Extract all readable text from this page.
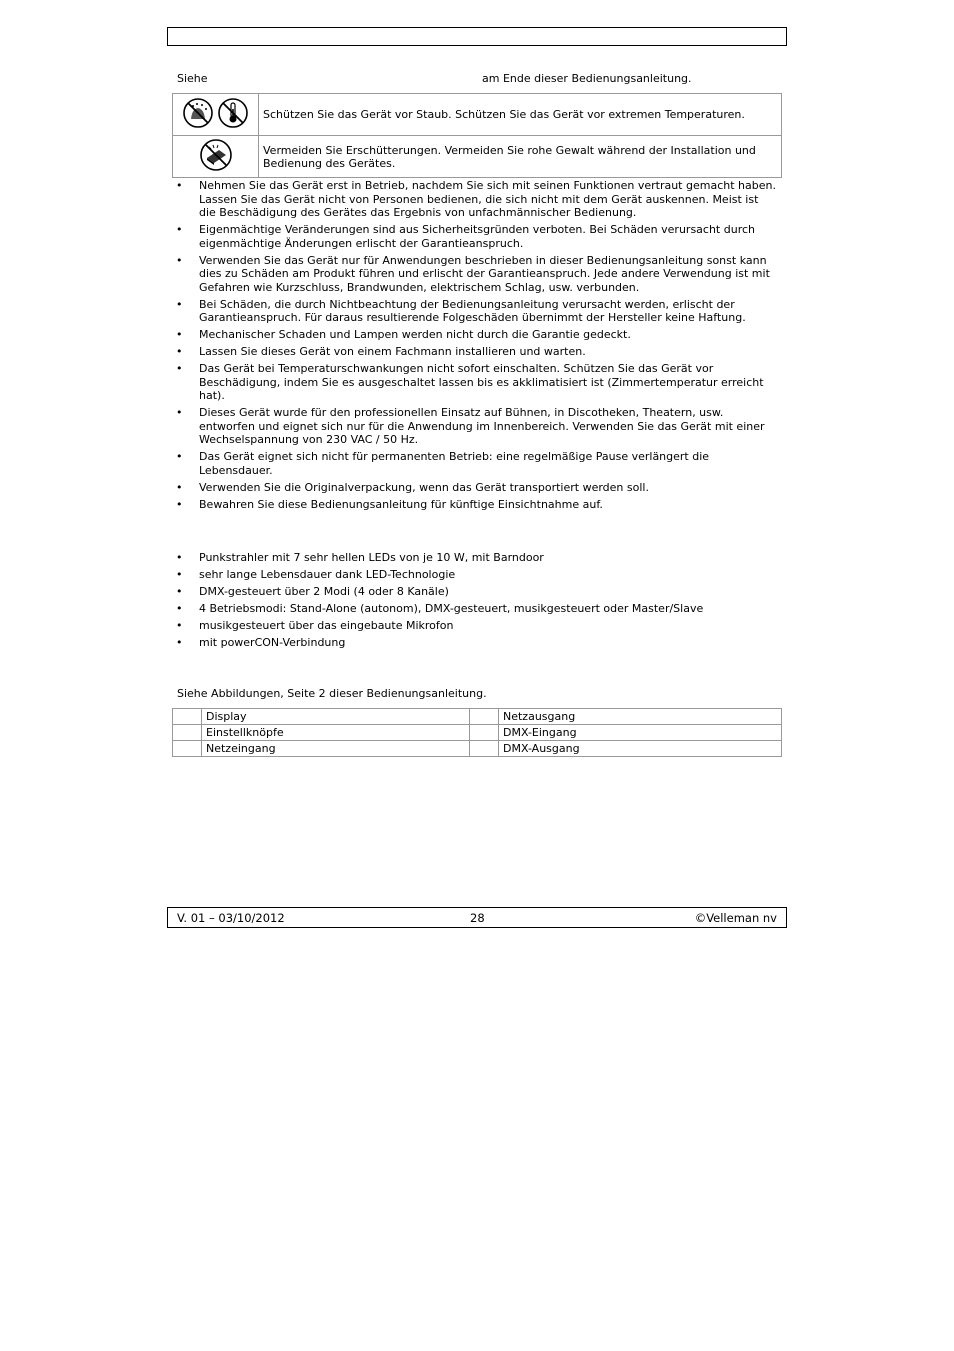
Siehe	am Ende dieser Bedienungsanleitung.
	Schützen Sie das Gerät vor Staub. Schützen Sie das Gerät vor extremen Temperaturen.
	Vermeiden Sie Erschütterungen. Vermeiden Sie rohe Gewalt während der Installation und Bedienung des Gerätes.
• Nehmen Sie das Gerät erst in Betrieb, nachdem Sie sich mit seinen Funktionen vertraut gemacht haben. Lassen Sie das Gerät nicht von Personen bedienen, die sich nicht mit dem Gerät auskennen. Meist ist die Beschädigung des Gerätes das Ergebnis von unfachmännischer Bedienung.
• Eigenmächtige Veränderungen sind aus Sicherheitsgründen verboten. Bei Schäden verursacht durch eigenmächtige Änderungen erlischt der Garantieanspruch.
• Verwenden Sie das Gerät nur für Anwendungen beschrieben in dieser Bedienungsanleitung sonst kann dies zu Schäden am Produkt führen und erlischt der Garantieanspruch. Jede andere Verwendung ist mit Gefahren wie Kurzschluss, Brandwunden, elektrischem Schlag, usw. verbunden.
• Bei Schäden, die durch Nichtbeachtung der Bedienungsanleitung verursacht werden, erlischt der Garantieanspruch. Für daraus resultierende Folgeschäden übernimmt der Hersteller keine Haftung.
• Mechanischer Schaden und Lampen werden nicht durch die Garantie gedeckt.
• Lassen Sie dieses Gerät von einem Fachmann installieren und warten.
• Das Gerät bei Temperaturschwankungen nicht sofort einschalten. Schützen Sie das Gerät vor Beschädigung, indem Sie es ausgeschaltet lassen bis es akklimatisiert ist (Zimmertemperatur erreicht hat).
• Dieses Gerät wurde für den professionellen Einsatz auf Bühnen, in Discotheken, Theatern, usw. entworfen und eignet sich nur für die Anwendung im Innenbereich. Verwenden Sie das Gerät mit einer Wechselspannung von 230 VAC / 50 Hz.
• Das Gerät eignet sich nicht für permanenten Betrieb: eine regelmäßige Pause verlängert die Lebensdauer.
• Verwenden Sie die Originalverpackung, wenn das Gerät transportiert werden soll.
• Bewahren Sie diese Bedienungsanleitung für künftige Einsichtnahme auf.
• Punkstrahler mit 7 sehr hellen LEDs von je 10 W, mit Barndoor
• sehr lange Lebensdauer dank LED-Technologie
• DMX-gesteuert über 2 Modi (4 oder 8 Kanäle)
• 4 Betriebsmodi: Stand-Alone (autonom), DMX-gesteuert, musikgesteuert oder Master/Slave
• musikgesteuert über das eingebaute Mikrofon
• mit powerCON-Verbindung
Siehe Abbildungen, Seite 2 dieser Bedienungsanleitung.
	Display		Netzausgang
	Einstellknöpfe		DMX-Eingang
	Netzeingang		DMX-Ausgang
V. 01 – 03/10/2012	28	©Velleman nv
